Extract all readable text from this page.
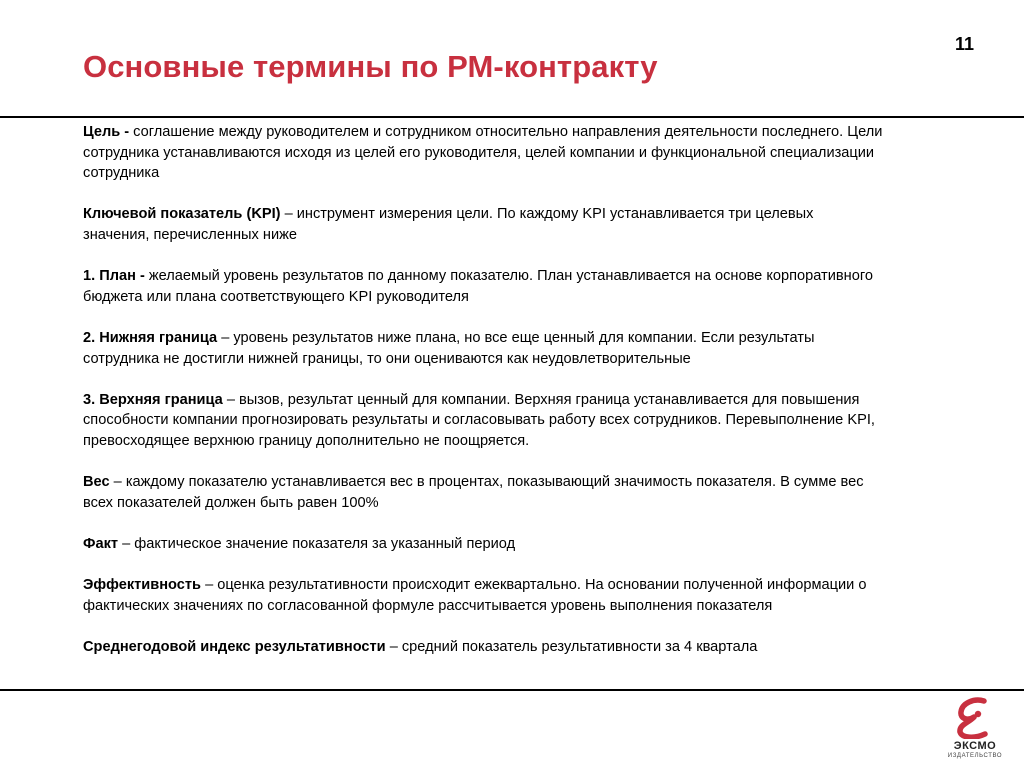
11
Основные термины по РМ-контракту

Цель - соглашение между руководителем и сотрудником относительно направления деятельности последнего. Цели сотрудника устанавливаются исходя из целей его руководителя, целей компании и функциональной специализации сотрудника

Ключевой показатель (KPI) – инструмент измерения цели. По каждому KPI устанавливается три целевых значения, перечисленных ниже

1. План - желаемый уровень результатов по данному показателю. План устанавливается на основе корпоративного бюджета или плана соответствующего KPI руководителя

2. Нижняя граница – уровень результатов ниже плана, но все еще ценный для компании. Если результаты сотрудника не достигли нижней границы, то они оцениваются как неудовлетворительные

3. Верхняя граница – вызов, результат ценный для компании. Верхняя граница устанавливается для повышения способности компании прогнозировать результаты и согласовывать работу всех сотрудников. Перевыполнение KPI, превосходящее верхнюю границу дополнительно не поощряется.

Вес – каждому показателю устанавливается вес в процентах, показывающий значимость показателя. В сумме вес всех показателей должен быть равен 100%

Факт – фактическое значение показателя за указанный период

Эффективность – оценка результативности происходит ежеквартально. На основании полученной информации о фактических значениях по согласованной формуле рассчитывается уровень выполнения показателя

Среднегодовой индекс результативности – средний показатель результативности за 4 квартала

ЭКСМО
ИЗДАТЕЛЬСТВО
